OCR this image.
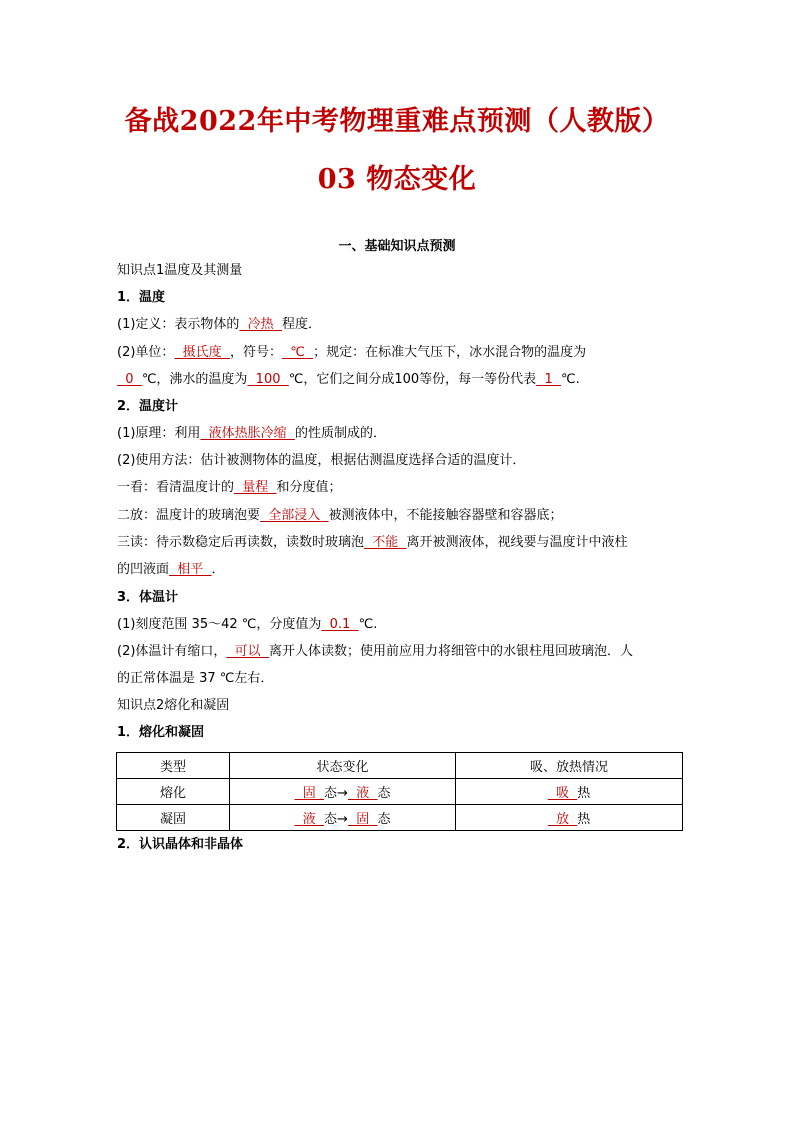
备战2022年中考物理重难点预测（人教版）
03 物态变化
一、基础知识点预测
知识点1温度及其测量
1．温度
(1)定义：表示物体的  冷热  程度．
(2)单位：  摄氏度  ，符号：  ℃  ；规定：在标准大气压下，冰水混合物的温度为
0  ℃，沸水的温度为  100  ℃，它们之间分成100等份，每一等份代表  1  ℃.
2．温度计
(1)原理：利用  液体热胀冷缩  的性质制成的．
(2)使用方法：估计被测物体的温度，根据估测温度选择合适的温度计．
一看：看清温度计的  量程  和分度值；
二放：温度计的玻璃泡要  全部浸入  被测液体中，不能接触容器壁和容器底；
三读：待示数稳定后再读数，读数时玻璃泡  不能  离开被测液体，视线要与温度计中液柱
的凹液面  相平  ．
3．体温计
(1)刻度范围 35～42 ℃，分度值为  0.1  ℃.
(2)体温计有缩口，  可以  离开人体读数；使用前应用力将细管中的水银柱甩回玻璃泡．人
的正常体温是 37 ℃左右．
知识点2熔化和凝固
1．熔化和凝固
类型	状态变化	吸、放热情况
熔化	固  态→  液  态	吸  热
凝固	液  态→  固  态	放  热
2．认识晶体和非晶体
